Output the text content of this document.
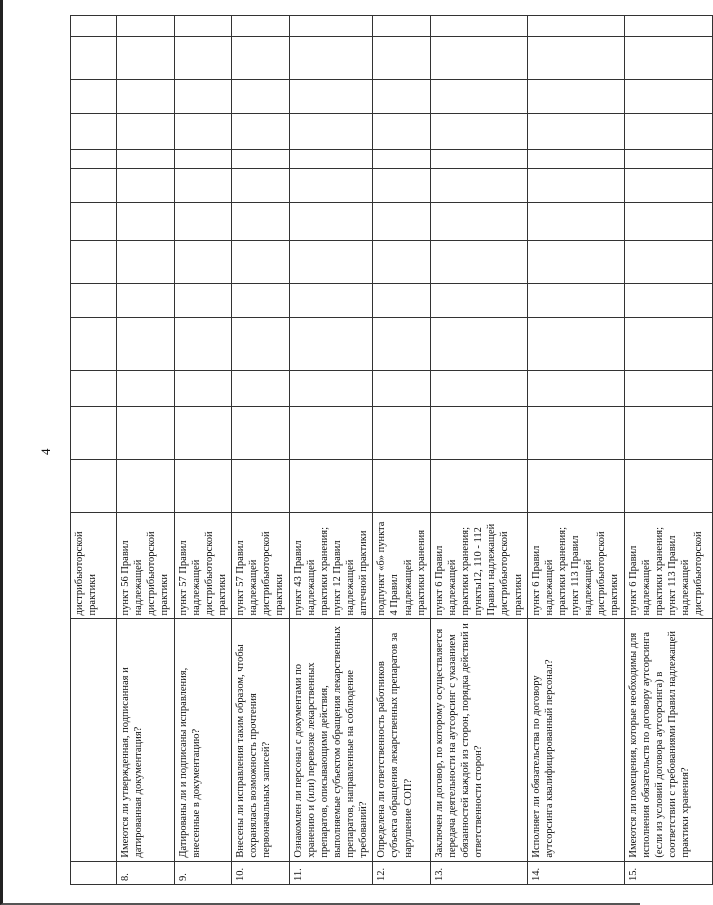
4
		дистрибьюторской практики													
8.	Имеются ли утвержденная, подписанная и датированная документация?	пункт 56 Правил надлежащей дистрибьюторской практики													
9.	Датированы ли и подписаны исправления, внесенные в документацию?	пункт 57 Правил надлежащей дистрибьюторской практики													
10.	Внесены ли исправления таким образом, чтобы сохранялась возможность прочтения первоначальных записей?	пункт 57 Правил надлежащей дистрибьюторской практики													
11.	Ознакомлен ли персонал с документами по хранению и (или) перевозке лекарственных препаратов, описывающими действия, выполняемые субъектом обращения лекарственных препаратов, направленные на соблюдение требований?	пункт 43 Правил надлежащей практики хранения; пункт 12 Правил надлежащей аптечной практики													
12.	Определена ли ответственность работников субъекта обращения лекарственных препаратов за нарушение СОП?	подпункт «б» пункта 4 Правил надлежащей практики хранения													
13.	Заключен ли договор, по которому осуществляется передача деятельности на аутсорсинг с указанием обязанностей каждой из сторон, порядка действий и ответственности сторон?	пункт 6 Правил надлежащей практики хранения; пункты12, 110 - 112 Правил надлежащей дистрибьюторской практики													
14.	Исполняет ли обязательства по договору аутсорсинга квалифицированный персонал?	пункт 6 Правил надлежащей практики хранения; пункт 113 Правил надлежащей дистрибьюторской практики													
15.	Имеются ли помещения, которые необходимы для исполнения обязательств по договору аутсорсинга (если из условий договора аутсорсинга) в соответствии с требованиями Правил надлежащей практики хранения?	пункт 6 Правил надлежащей практики хранения; пункт 113 Правил надлежащей дистрибьюторской													
